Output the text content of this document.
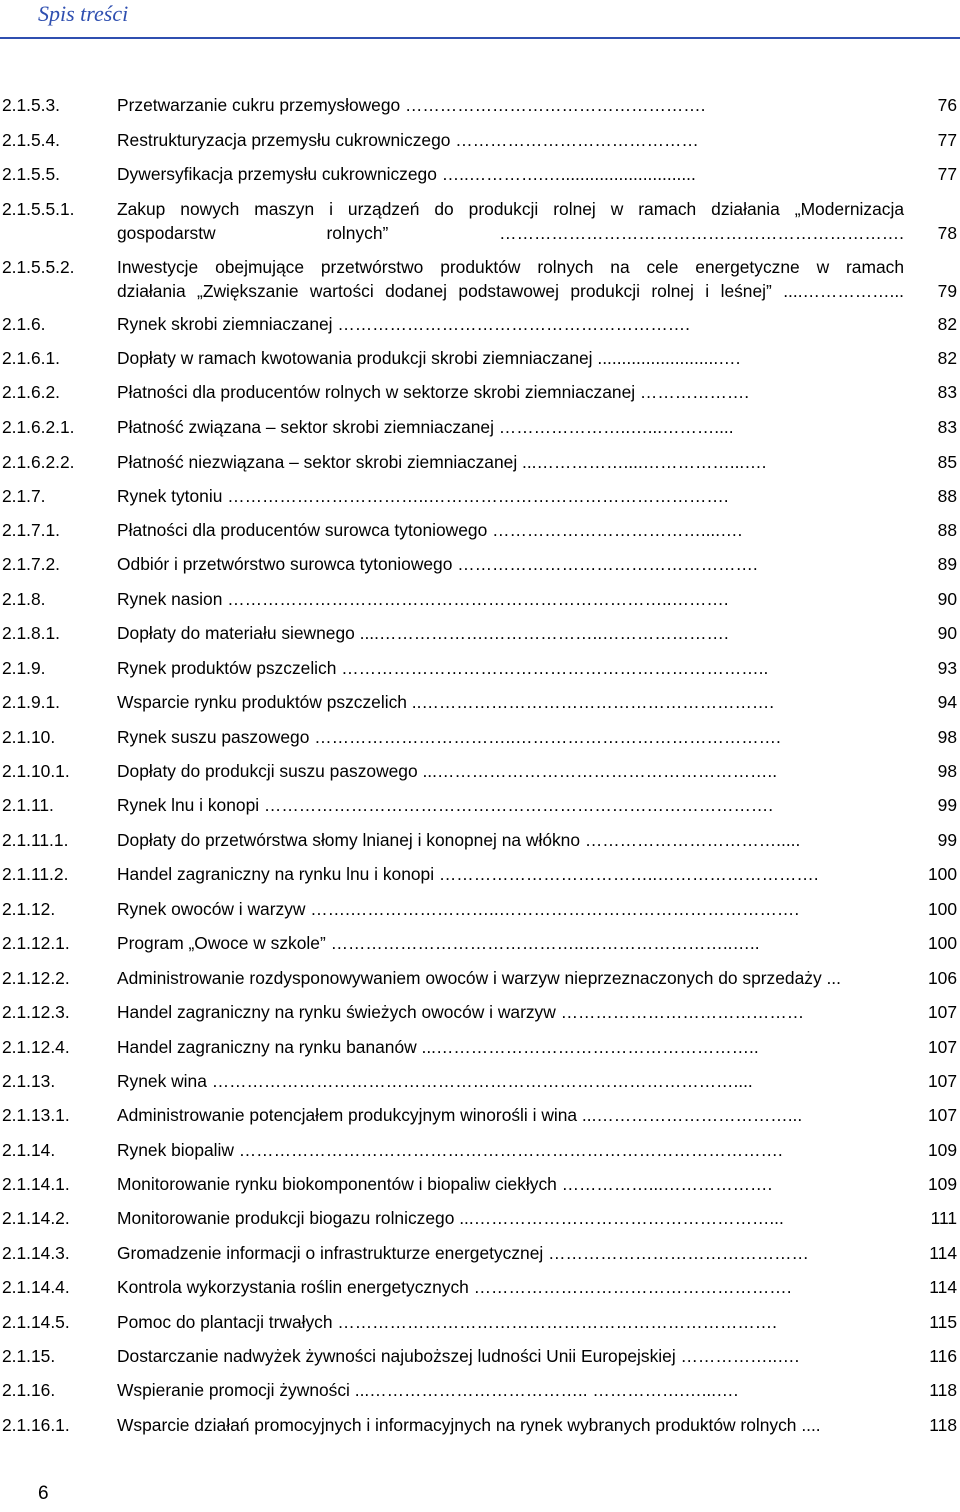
Spis treści
2.1.5.3.	Przetwarzanie cukru przemysłowego …………………………………………….	76
2.1.5.4.	Restrukturyzacja przemysłu cukrowniczego ……………………………………	77
2.1.5.5.	Dywersyfikacja przemysłu cukrowniczego …..………….…............................	77
2.1.5.5.1. Zakup nowych maszyn i urządzeń do produkcji rolnej w ramach działania „Modernizacja
gospodarstw rolnych” ……………………………………………………………. 78
2.1.5.5.2. Inwestycje obejmujące przetwórstwo produktów rolnych na cele energetyczne w ramach
działania „Zwiększanie wartości dodanej podstawowej produkcji rolnej i leśnej” ....……………... 79
2.1.6.	Rynek skrobi ziemniaczanej …………………………………………………….	82
2.1.6.1.	Dopłaty w ramach kwotowania produkcji skrobi ziemniaczanej .........................….	82
2.1.6.2.	Płatności dla producentów rolnych w sektorze skrobi ziemniaczanej ……………….	83
2.1.6.2.1. Płatność związana – sektor skrobi ziemniaczanej …………………..…...………....	83
2.1.6.2.2. Płatność niezwiązana – sektor skrobi ziemniaczanej ...……………....……………...….	85
2.1.7.	Rynek tytoniu ……………………………..…………………………………………….	88
2.1.7.1.	Płatności dla producentów surowca tytoniowego ………………………………....….	88
2.1.7.2.	Odbiór i przetwórstwo surowca tytoniowego …………………………………………….	89
2.1.8.	Rynek nasion …………………………………………………………………..……….	90
2.1.8.1.	Dopłaty do materiału siewnego ....……………….………………..………………….	90
2.1.9.	Rynek produktów pszczelich ………………………………………………………………..	93
2.1.9.1.	Wsparcie rynku produktów pszczelich ..…………………………………………………….	94
2.1.10.	Rynek suszu paszowego ……………………………..……………………………………….	98
2.1.10.1.	Dopłaty do produkcji suszu paszowego ...…………………………………………………..	98
2.1.11.	Rynek lnu i konopi …………………………………………………………………………….	99
2.1.11.1.	Dopłaty do przetwórstwa słomy lnianej i konopnej na włókno …………………………….....	99
2.1.11.2.	Handel zagraniczny na rynku lnu i konopi ………………………………..……………………….	100
2.1.12.	Rynek owoców i warzyw …….……………………..…………………………………………….	100
2.1.12.1.	Program „Owoce w szkole” ……………………………………..……………………..…..	100
2.1.12.2.	Administrowanie rozdysponowywaniem owoców i warzyw nieprzeznaczonych do sprzedaży ...	106
2.1.12.3.	Handel zagraniczny na rynku świeżych owoców i warzyw ……………………………………	107
2.1.12.4.	Handel zagraniczny na rynku bananów ...………………………………………………..	107
2.1.13.	Rynek wina ………………………………………………………………………………....	107
2.1.13.1.	Administrowanie potencjałem produkcyjnym winorośli i wina ...……………………………...	107
2.1.14.	Rynek biopaliw ………………………………………………………………………………….	109
2.1.14.1.	Monitorowanie rynku biokomponentów i biopaliw ciekłych ……………...……………….	109
2.1.14.2.	Monitorowanie produkcji biogazu rolniczego ...……………………………………………...	111
2.1.14.3.	Gromadzenie informacji o infrastrukturze energetycznej ………………………………………	114
2.1.14.4.	Kontrola wykorzystania roślin energetycznych ……………………………………………….	114
2.1.14.5.	Pomoc do plantacji trwałych ………………………………………………………………….	115
2.1.15.	Dostarczanie nadwyżek żywności najuboższej ludności Unii Europejskiej ……………..….	116
2.1.16.	Wspieranie promocji żywności ...……………………………….. …………….…...….	118
2.1.16.1.	Wsparcie działań promocyjnych i informacyjnych na rynek wybranych produktów rolnych ....	118
6
